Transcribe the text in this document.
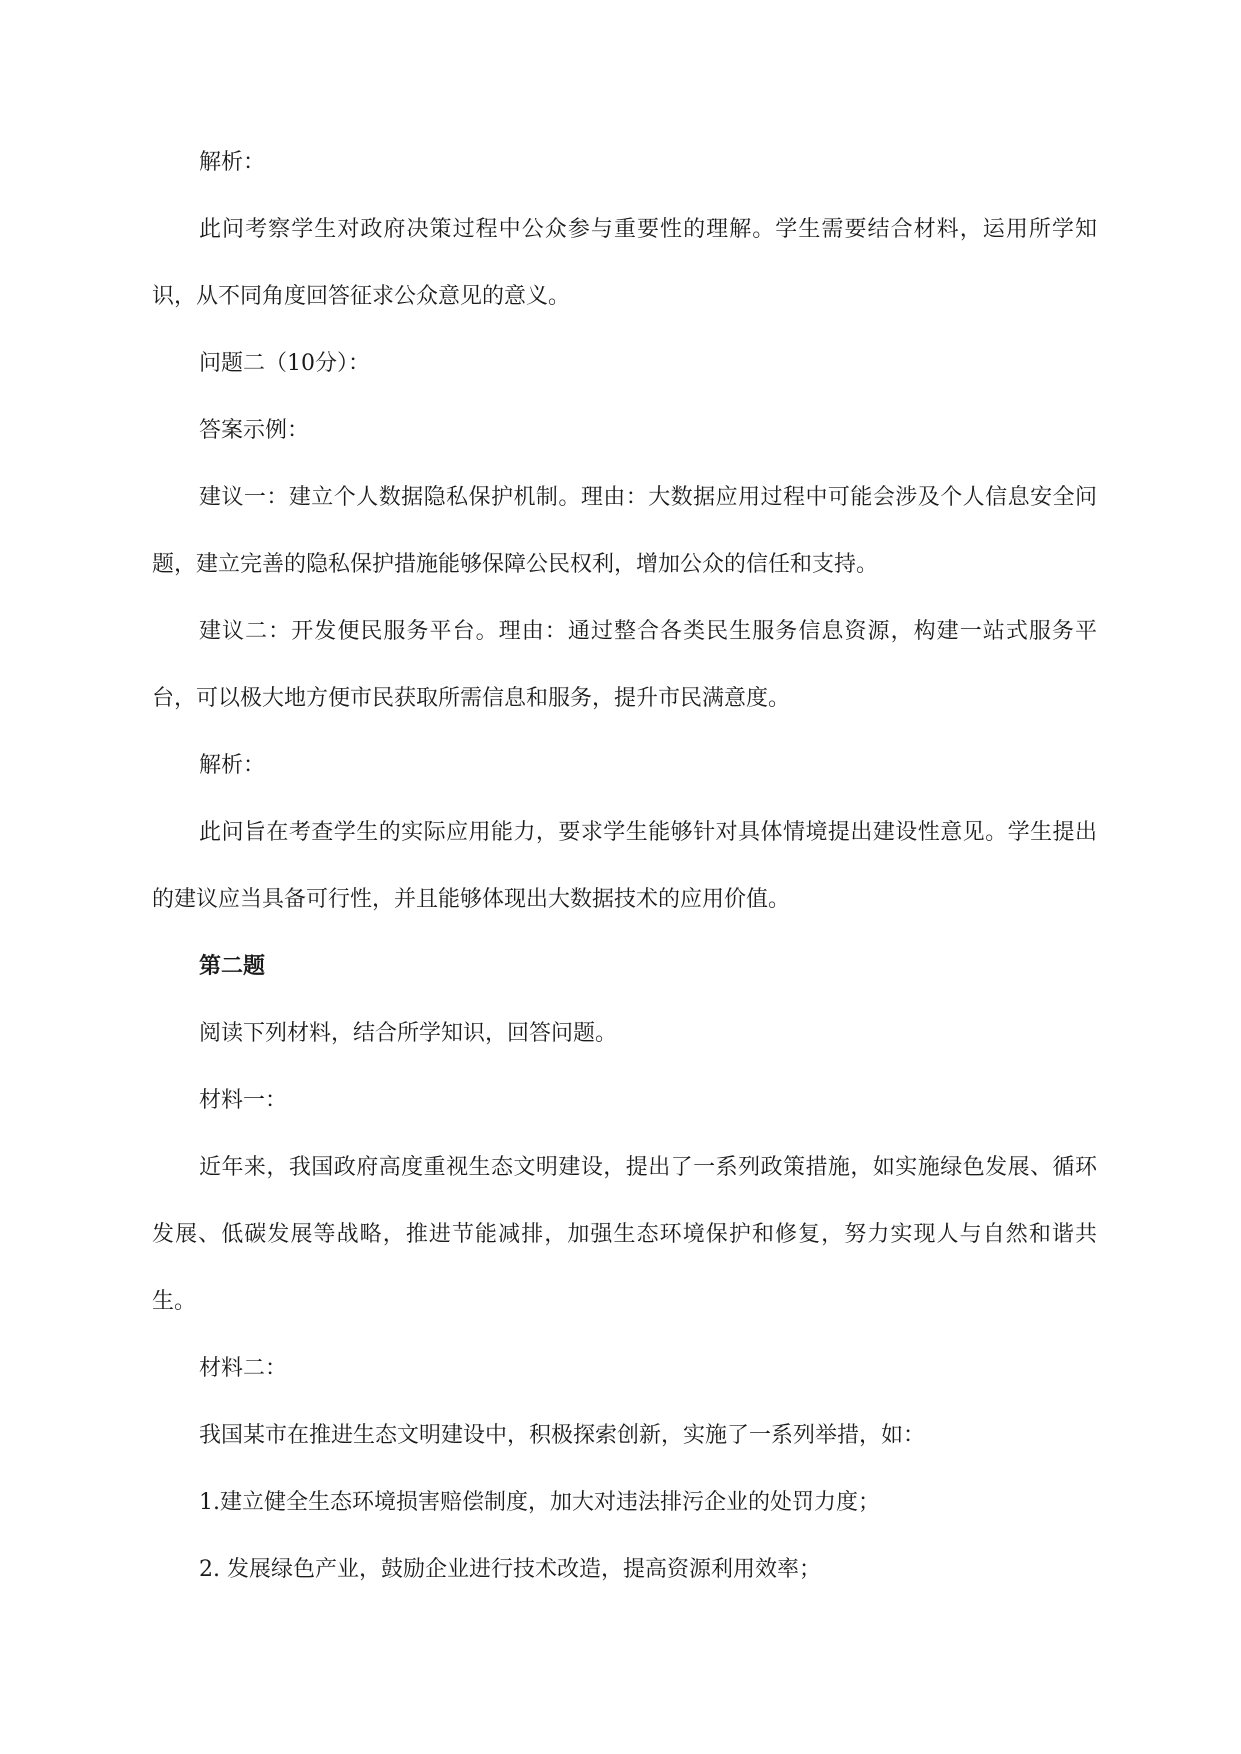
解析：

此问考察学生对政府决策过程中公众参与重要性的理解。学生需要结合材料，运用所学知识，从不同角度回答征求公众意见的意义。

问题二（10分）：

答案示例：

建议一：建立个人数据隐私保护机制。理由：大数据应用过程中可能会涉及个人信息安全问题，建立完善的隐私保护措施能够保障公民权利，增加公众的信任和支持。

建议二：开发便民服务平台。理由：通过整合各类民生服务信息资源，构建一站式服务平台，可以极大地方便市民获取所需信息和服务，提升市民满意度。

解析：

此问旨在考查学生的实际应用能力，要求学生能够针对具体情境提出建设性意见。学生提出的建议应当具备可行性，并且能够体现出大数据技术的应用价值。

第二题

阅读下列材料，结合所学知识，回答问题。

材料一：

近年来，我国政府高度重视生态文明建设，提出了一系列政策措施，如实施绿色发展、循环发展、低碳发展等战略，推进节能减排，加强生态环境保护和修复，努力实现人与自然和谐共生。

材料二：

我国某市在推进生态文明建设中，积极探索创新，实施了一系列举措，如：

1.建立健全生态环境损害赔偿制度，加大对违法排污企业的处罚力度；

2. 发展绿色产业，鼓励企业进行技术改造，提高资源利用效率；
